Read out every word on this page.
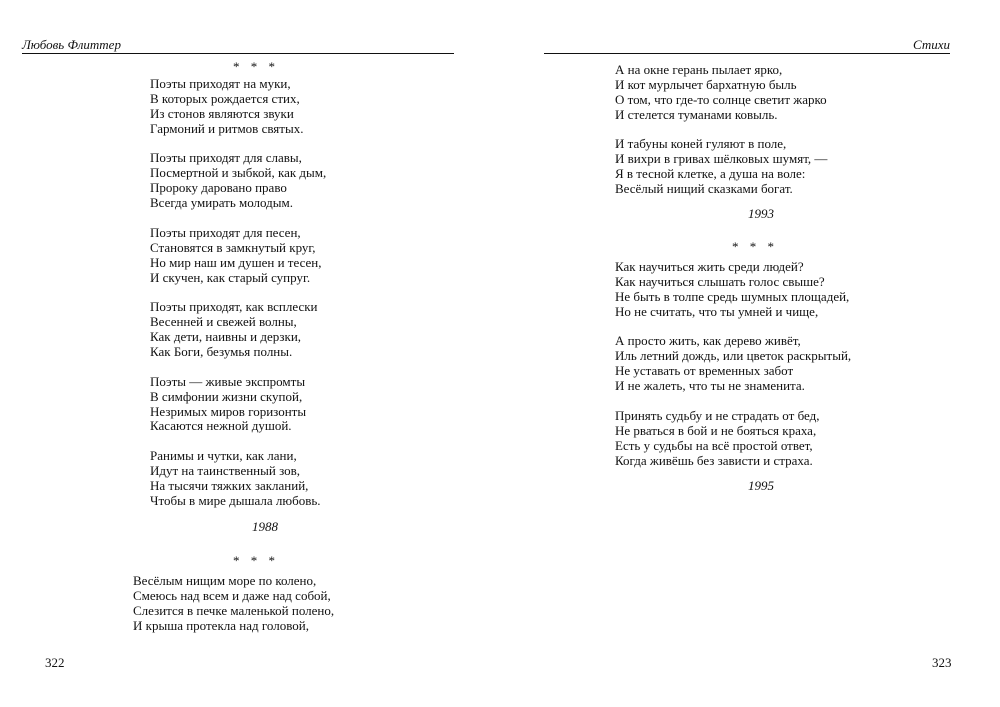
Любовь Флиттер
* * *
Поэты приходят на муки,
В которых рождается стих,
Из стонов являются звуки
Гармоний и ритмов святых.
Поэты приходят для славы,
Посмертной и зыбкой, как дым,
Пророку даровано право
Всегда умирать молодым.
Поэты приходят для песен,
Становятся в замкнутый круг,
Но мир наш им душен и тесен,
И скучен, как старый супруг.
Поэты приходят, как всплески
Весенней и свежей волны,
Как дети, наивны и дерзки,
Как Боги, безумья полны.
Поэты — живые экспромты
В симфонии жизни скупой,
Незримых миров горизонты
Касаются нежной душой.
Ранимы и чутки, как лани,
Идут на таинственный зов,
На тысячи тяжких закланий,
Чтобы в мире дышала любовь.
1988
* * *
Весёлым нищим море по колено,
Смеюсь над всем и даже над собой,
Слезится в печке маленькой полено,
И крыша протекла над головой,
322
Стихи
А на окне герань пылает ярко,
И кот мурлычет бархатную быль
О том, что где-то солнце светит жарко
И стелется туманами ковыль.
И табуны коней гуляют в поле,
И вихри в гривах шёлковых шумят, —
Я в тесной клетке, а душа на воле:
Весёлый нищий сказками богат.
1993
* * *
Как научиться жить среди людей?
Как научиться слышать голос свыше?
Не быть в толпе средь шумных площадей,
Но не считать, что ты умней и чище,
А просто жить, как дерево живёт,
Иль летний дождь, или цветок раскрытый,
Не уставать от временных забот
И не жалеть, что ты не знаменита.
Принять судьбу и не страдать от бед,
Не рваться в бой и не бояться краха,
Есть у судьбы на всё простой ответ,
Когда живёшь без зависти и страха.
1995
323
